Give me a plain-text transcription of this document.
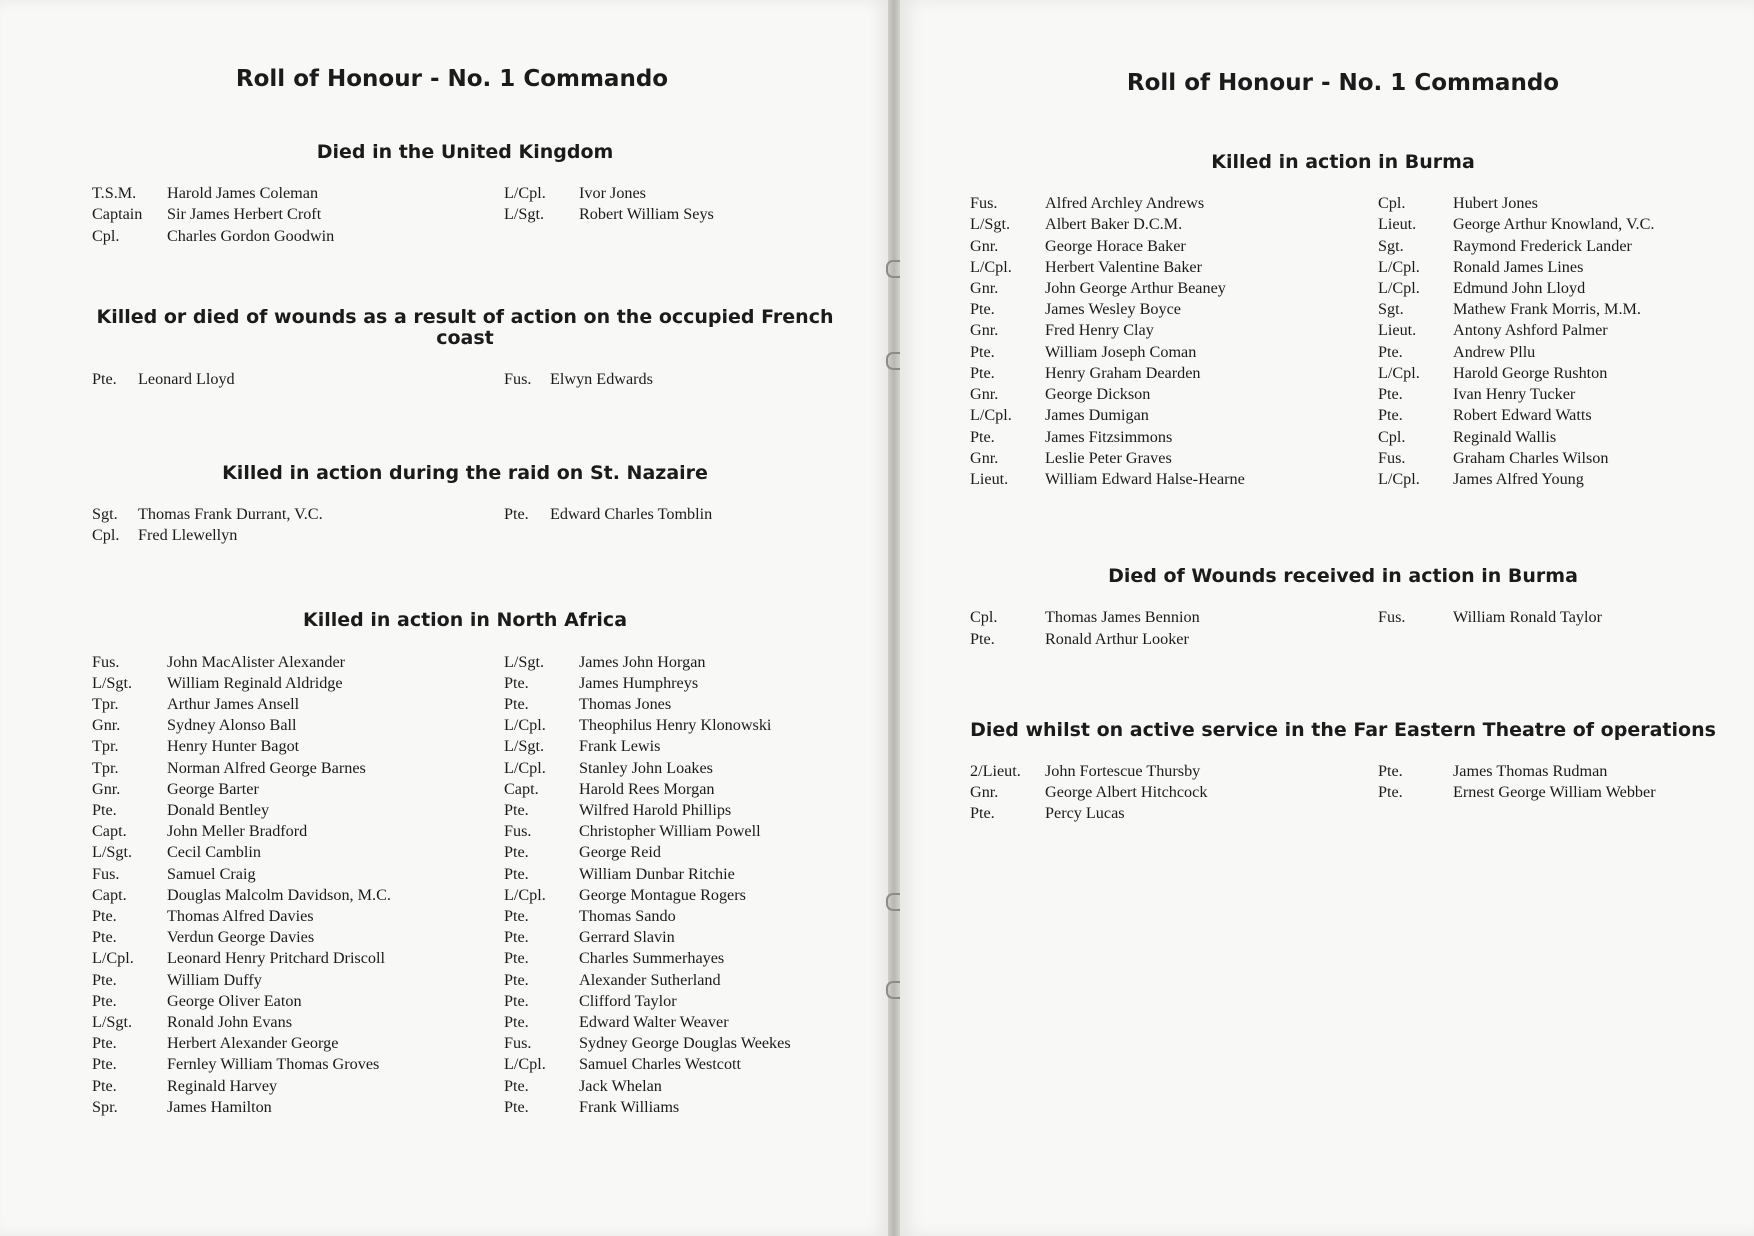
Roll of Honour - No. 1 Commando
Died in the United Kingdom
T.S.M.	Harold James Coleman
Captain	Sir James Herbert Croft
Cpl.	Charles Gordon Goodwin
L/Cpl.	Ivor Jones
L/Sgt.	Robert William Seys
Killed or died of wounds as a result of action on the occupied French coast
Pte.	Leonard Lloyd	Fus.	Elwyn Edwards
Killed in action during the raid on St. Nazaire
Sgt.	Thomas Frank Durrant, V.C.
Cpl.	Fred Llewellyn
Pte.	Edward Charles Tomblin
Killed in action in North Africa
Fus.	John MacAlister Alexander
L/Sgt.	William Reginald Aldridge
Tpr.	Arthur James Ansell
Gnr.	Sydney Alonso Ball
Tpr.	Henry Hunter Bagot
Tpr.	Norman Alfred George Barnes
Gnr.	George Barter
Pte.	Donald Bentley
Capt.	John Meller Bradford
L/Sgt.	Cecil Camblin
Fus.	Samuel Craig
Capt.	Douglas Malcolm Davidson, M.C.
Pte.	Thomas Alfred Davies
Pte.	Verdun George Davies
L/Cpl.	Leonard Henry Pritchard Driscoll
Pte.	William Duffy
Pte.	George Oliver Eaton
L/Sgt.	Ronald John Evans
Pte.	Herbert Alexander George
Pte.	Fernley William Thomas Groves
Pte.	Reginald Harvey
Spr.	James Hamilton
L/Sgt.	James John Horgan
Pte.	James Humphreys
Pte.	Thomas Jones
L/Cpl.	Theophilus Henry Klonowski
L/Sgt.	Frank Lewis
L/Cpl.	Stanley John Loakes
Capt.	Harold Rees Morgan
Pte.	Wilfred Harold Phillips
Fus.	Christopher William Powell
Pte.	George Reid
Pte.	William Dunbar Ritchie
L/Cpl.	George Montague Rogers
Pte.	Thomas Sando
Pte.	Gerrard Slavin
Pte.	Charles Summerhayes
Pte.	Alexander Sutherland
Pte.	Clifford Taylor
Pte.	Edward Walter Weaver
Fus.	Sydney George Douglas Weekes
L/Cpl.	Samuel Charles Westcott
Pte.	Jack Whelan
Pte.	Frank Williams
Roll of Honour - No. 1 Commando
Killed in action in Burma
Fus.	Alfred Archley Andrews
L/Sgt.	Albert Baker D.C.M.
Gnr.	George Horace Baker
L/Cpl.	Herbert Valentine Baker
Gnr.	John George Arthur Beaney
Pte.	James Wesley Boyce
Gnr.	Fred Henry Clay
Pte.	William Joseph Coman
Pte.	Henry Graham Dearden
Gnr.	George Dickson
L/Cpl.	James Dumigan
Pte.	James Fitzsimmons
Gnr.	Leslie Peter Graves
Lieut.	William Edward Halse-Hearne
Cpl.	Hubert Jones
Lieut.	George Arthur Knowland, V.C.
Sgt.	Raymond Frederick Lander
L/Cpl.	Ronald James Lines
L/Cpl.	Edmund John Lloyd
Sgt.	Mathew Frank Morris, M.M.
Lieut.	Antony Ashford Palmer
Pte.	Andrew Pllu
L/Cpl.	Harold George Rushton
Pte.	Ivan Henry Tucker
Pte.	Robert Edward Watts
Cpl.	Reginald Wallis
Fus.	Graham Charles Wilson
L/Cpl.	James Alfred Young
Died of Wounds received in action in Burma
Cpl.	Thomas James Bennion
Pte.	Ronald Arthur Looker
Fus.	William Ronald Taylor
Died whilst on active service in the Far Eastern Theatre of operations
2/Lieut.	John Fortescue Thursby
Gnr.	George Albert Hitchcock
Pte.	Percy Lucas
Pte.	James Thomas Rudman
Pte.	Ernest George William Webber
